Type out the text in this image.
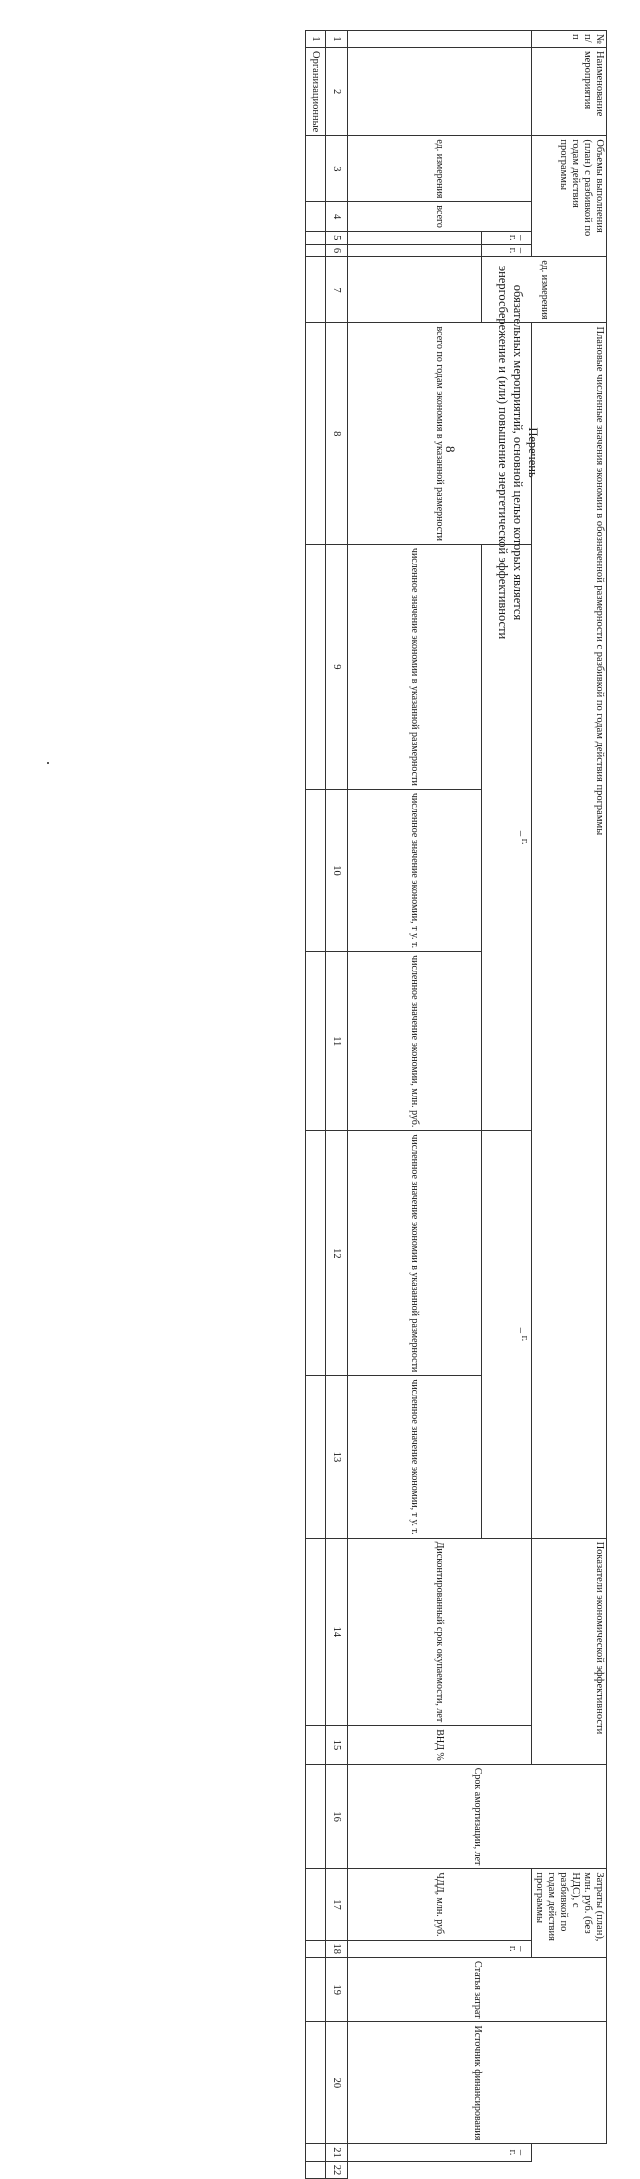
8	Перечень
обязательных мероприятий, основной целью которых является
энергосбережение и (или) повышение энергетической эффективности
№ п/п	Наименование мероприятия	Объемы выполнения (план) с разбивкой по годам действия программы				ед. измерения	Плановые численные значения экономии в обозначенной размерности с разбивкой по годам действия программы						Показатели экономической эффективности		Срок амортизации, лет	Затраты (план), млн. руб. (без НДС), с разбивкой по годам действия программы		Статья затрат	Источник финансирования		
		ед. измерения	всего	_ г.	_ г.		всего по годам экономия в указанной размерности	_ г.			_ г.		Дисконтированный срок окупаемости, лет	ВНД %		ЧДД, млн. руб.	_ г.			_ г.	
								численное значение экономии в указанной размерности	численное значение экономии, т у. т.	численное значение экономии, млн. руб.	численное значение экономии в указанной размерности	численное значение экономии, т у. т.									
1	2	3	4	5	6	7	8	9	10	11	12	13	14	15	16	17	18	19	20	21	22
1	Организационные																				
